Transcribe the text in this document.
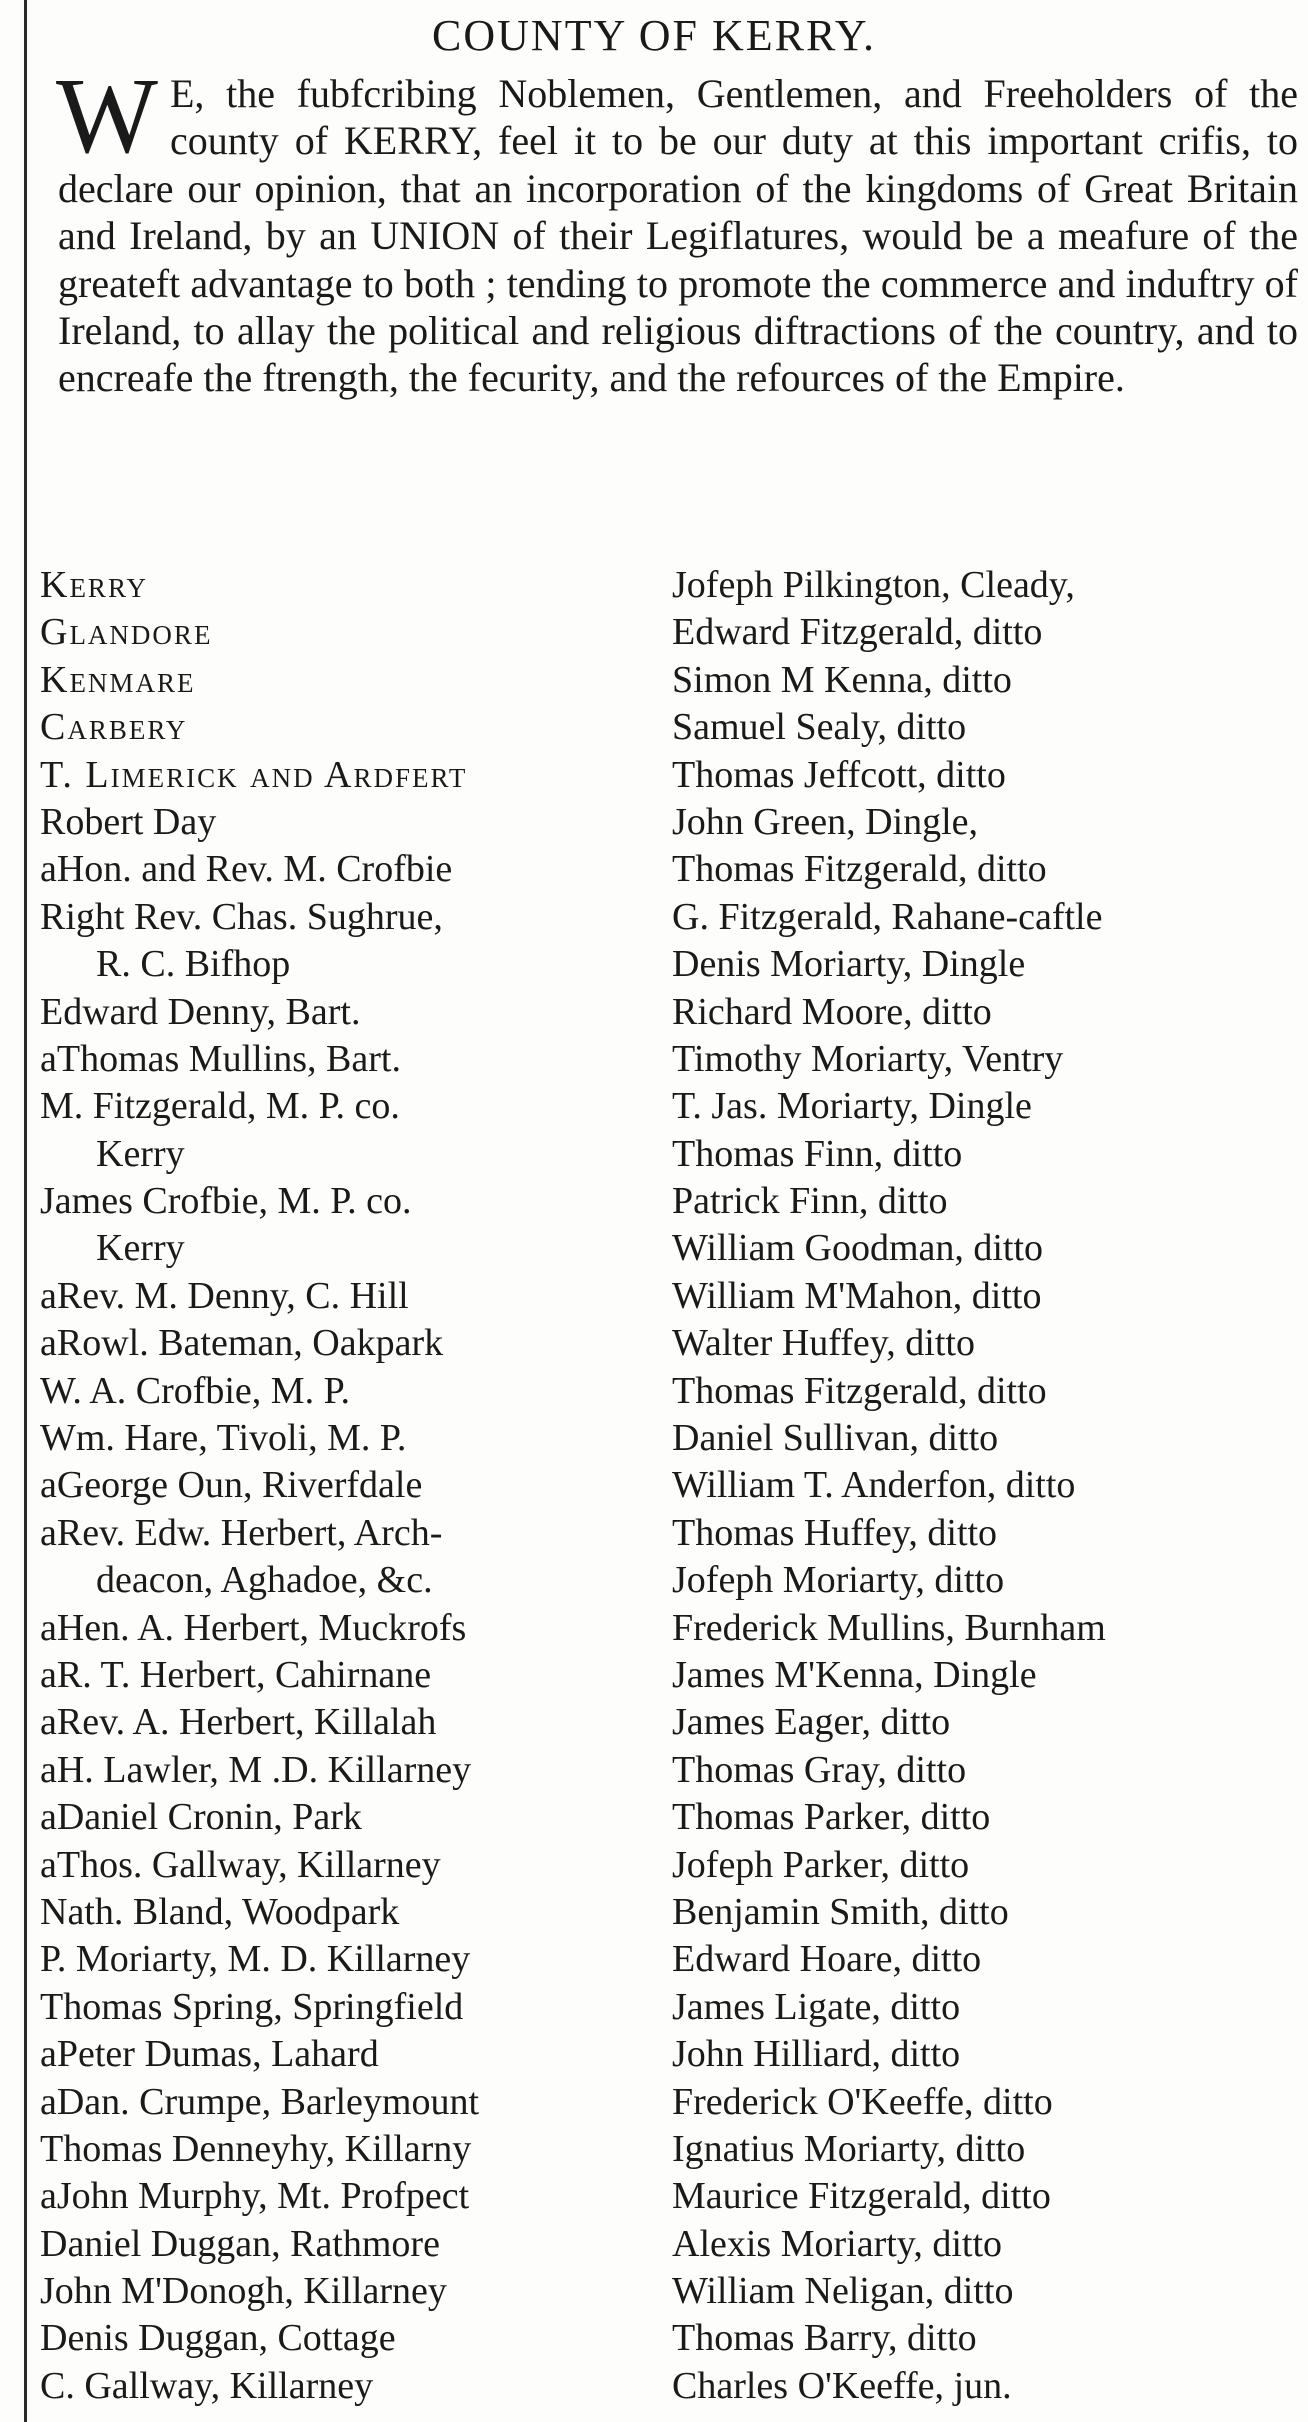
COUNTY OF KERRY.
W E, the fubfcribing Noblemen, Gentlemen, and Freeholders of the county of KERRY, feel it to be our duty at this important crifis, to declare our opinion, that an incorporation of the kingdoms of Great Britain and Ireland, by an UNION of their Legiflatures, would be a meafure of the greateft advantage to both ; tending to promote the commerce and induftry of Ireland, to allay the political and religious diftractions of the country, and to encreafe the ftrength, the fecurity, and the refources of the Empire.

Kerry	Jofeph Pilkington, Cleady,
Glandore	Edward Fitzgerald, ditto
Kenmare	Simon M Kenna, ditto
Carbery	Samuel Sealy, ditto
T. Limerick and Ardfert	Thomas Jeffcott, ditto
Robert Day	John Green, Dingle,
aHon. and Rev. M. Crofbie	Thomas Fitzgerald, ditto
Right Rev. Chas. Sughrue,	G. Fitzgerald, Rahane-caftle
R. C. Bifhop	Denis Moriarty, Dingle
Edward Denny, Bart.	Richard Moore, ditto
aThomas Mullins, Bart.	Timothy Moriarty, Ventry
M. Fitzgerald, M. P. co.	T. Jas. Moriarty, Dingle
Kerry	Thomas Finn, ditto
James Crofbie, M. P. co.	Patrick Finn, ditto
Kerry	William Goodman, ditto
aRev. M. Denny, C. Hill	William M'Mahon, ditto
aRowl. Bateman, Oakpark	Walter Huffey, ditto
W. A. Crofbie, M. P.	Thomas Fitzgerald, ditto
Wm. Hare, Tivoli, M. P.	Daniel Sullivan, ditto
aGeorge Oun, Riverfdale	William T. Anderfon, ditto
aRev. Edw. Herbert, Arch-	Thomas Huffey, ditto
deacon, Aghadoe, &c.	Jofeph Moriarty, ditto
aHen. A. Herbert, Muckrofs	Frederick Mullins, Burnham
aR. T. Herbert, Cahirnane	James M'Kenna, Dingle
aRev. A. Herbert, Killalah	James Eager, ditto
aH. Lawler, M .D. Killarney	Thomas Gray, ditto
aDaniel Cronin, Park	Thomas Parker, ditto
aThos. Gallway, Killarney	Jofeph Parker, ditto
Nath. Bland, Woodpark	Benjamin Smith, ditto
P. Moriarty, M. D. Killarney	Edward Hoare, ditto
Thomas Spring, Springfield	James Ligate, ditto
aPeter Dumas, Lahard	John Hilliard, ditto
aDan. Crumpe, Barleymount	Frederick O'Keeffe, ditto
Thomas Denneyhy, Killarny	Ignatius Moriarty, ditto
aJohn Murphy, Mt. Profpect	Maurice Fitzgerald, ditto
Daniel Duggan, Rathmore	Alexis Moriarty, ditto
John M'Donogh, Killarney	William Neligan, ditto
Denis Duggan, Cottage	Thomas Barry, ditto
C. Gallway, Killarney	Charles O'Keeffe, jun.
